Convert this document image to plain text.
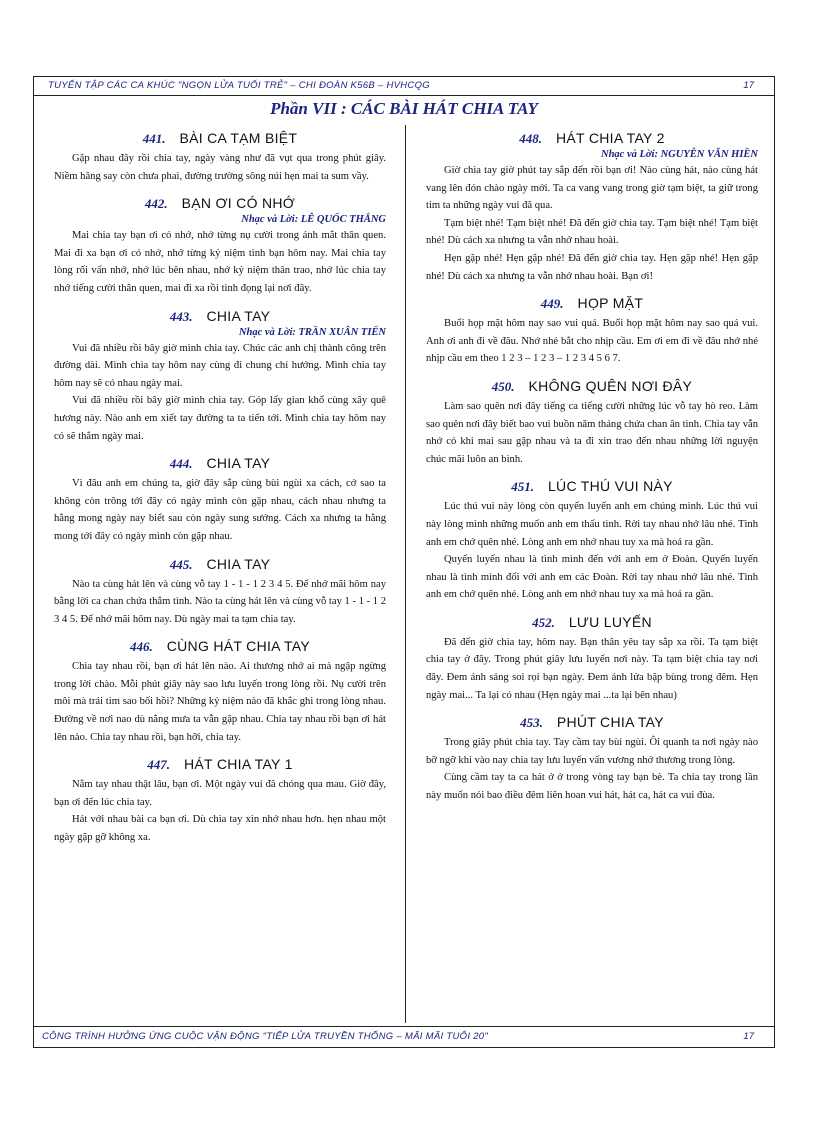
TUYỂN TẬP CÁC CA KHÚC "NGỌN LỬA TUỔI TRẺ" – CHI ĐOÀN K56B – HVHCQG	17
Phần VII : CÁC BÀI HÁT CHIA TAY
441. BÀI CA TẠM BIỆT

Gặp nhau đây rồi chia tay, ngày vàng như đã vụt qua trong phút giây. Niềm hăng say còn chưa phai, đường trường sông núi hẹn mai ta sum vầy.

442. BẠN ƠI CÓ NHỚ
Nhạc và Lời: LÊ QUỐC THẮNG

Mai chia tay bạn ơi có nhớ, nhớ từng nụ cười trong ánh mắt thân quen. Mai đi xa bạn ơi có nhớ, nhớ từng kỷ niệm tình bạn hôm nay. Mai chia tay lòng rối vấn nhớ, nhớ lúc bên nhau, nhớ kỷ niệm thân trao, nhớ lúc chia tay nhớ tiếng cười thân quen, mai đi xa rồi tình đọng lại nơi đây.

443. CHIA TAY
Nhạc và Lời: TRẦN XUÂN TIẾN

Vui đã nhiều rồi bây giờ mình chia tay. Chúc các anh chị thành công trên đường dài. Mình chia tay hôm nay cùng đi chung chí hướng. Mình chia tay hôm nay sẽ có nhau ngày mai.

Vui đã nhiều rồi bây giờ mình chia tay. Góp lấy gian khổ cùng xây quê hương này. Nào anh em xiết tay đường ta ta tiến tới. Mình chia tay hôm nay có sẽ thắm ngày mai.

444. CHIA TAY

Vì đâu anh em chúng ta, giờ đây sắp cùng bùi ngùi xa cách, cớ sao ta không còn trông tới đây có ngày mình còn gặp nhau, cách nhau nhưng ta hằng mong ngày nay biết sau còn ngày sung sướng. Cách xa nhưng ta hằng mong tới đây có ngày mình còn gặp nhau.

445. CHIA TAY

Nào ta cùng hát lên và cùng vỗ tay 1 - 1 - 1 2 3 4 5. Để nhớ mãi hôm nay bằng lời ca chan chứa thắm tình. Nào ta cùng hát lên và cùng vỗ tay 1 - 1 - 1 2 3 4 5. Để nhớ mãi hôm nay. Dù ngày mai ta tạm chia tay.

446. CÙNG HÁT CHIA TAY

Chia tay nhau rồi, bạn ơi hát lên nào. Ai thương nhớ ai mà ngập ngừng trong lời chào. Mỗi phút giây này sao lưu luyến trong lòng rồi. Nụ cười trên môi mà trái tim sao bối hồi? Những kỷ niệm nào đã khắc ghi trong lòng nhau. Đường về nơi nao dù nắng mưa ta vẫn gặp nhau. Chia tay nhau rồi bạn ơi hát lên nào. Chia tay nhau rồi, bạn hỡi, chia tay.

447. HÁT CHIA TAY 1

Nắm tay nhau thật lâu, bạn ơi. Một ngày vui đã chóng qua mau. Giờ đây, bạn ơi đến lúc chia tay.

Hát với nhau bài ca bạn ơi. Dù chia tay xin nhớ nhau hơn. hẹn nhau một ngày gặp gỡ không xa.

448. HÁT CHIA TAY 2
Nhạc và Lời: NGUYỄN VĂN HIỀN

Giờ chia tay giờ phút tay sắp đến rồi bạn ơi! Nào cùng hát, nào cùng hát vang lên đón chào ngày mới. Ta ca vang vang trong giờ tạm biệt, ta giữ trong tim ta những ngày vui đã qua.

Tạm biệt nhé! Tạm biệt nhé! Đã đến giờ chia tay. Tạm biệt nhé! Tạm biệt nhé! Dù cách xa nhưng ta vẫn nhớ nhau hoài.

Hẹn gặp nhé! Hẹn gặp nhé! Đã đến giờ chia tay. Hẹn gặp nhé! Hẹn gặp nhé! Dù cách xa nhưng ta vẫn nhớ nhau hoài. Bạn ơi!

449. HỌP MẶT

Buổi họp mặt hôm nay sao vui quá. Buổi họp mặt hôm nay sao quá vui. Anh ơi anh đi về đâu. Nhớ nhé bắt cho nhịp cầu. Em ơi em đi về đâu nhớ nhé nhịp cầu em theo 1 2 3 – 1 2 3 – 1 2 3 4 5 6 7.

450. KHÔNG QUÊN NƠI ĐÂY

Làm sao quên nơi đây tiếng ca tiếng cười những lúc vỗ tay hò reo. Làm sao quên nơi đây biết bao vui buồn năm tháng chứa chan ân tình. Chia tay vẫn nhớ có khi mai sau gặp nhau và ta đi xin trao đến nhau những lời nguyện chúc mãi luôn an bình.

451. LÚC THÚ VUI NÀY

Lúc thú vui này lòng còn quyến luyến anh em chúng mình. Lúc thú vui này lòng mình những muốn anh em thấu tình. Rời tay nhau nhớ lâu nhé. Tình anh em chớ quên nhé. Lòng anh em nhớ nhau tuy xa mà hoá ra gần.

Quyến luyến nhau là tình mình đến với anh em ở Đoàn. Quyến luyến nhau là tình mình đối với anh em các Đoàn. Rời tay nhau nhớ lâu nhé. Tình anh em chớ quên nhé. Lòng anh em nhớ nhau tuy xa mà hoá ra gần.

452. LƯU LUYẾN

Đã đến giờ chia tay, hôm nay. Bạn thân yêu tay sắp xa rồi. Ta tạm biệt chia tay ở đây. Trong phút giây lưu luyến nơi này. Ta tạm biệt chia tay nơi đây. Đem ánh sáng soi rọi bạn ngày. Đem ánh lửa bập bùng trong đêm. Hẹn ngày mai... Ta lại có nhau (Hẹn ngày mai ...ta lại bên nhau)

453. PHÚT CHIA TAY

Trong giây phút chia tay. Tay cầm tay bùi ngùi. Ôi quanh ta nơi ngày nào bỡ ngỡ khi vào nay chia tay lưu luyến vấn vương nhớ thương trong lòng.

Cùng cầm tay ta ca hát ở ở trong vòng tay bạn bè. Ta chia tay trong lần này muốn nói bao điều đêm liên hoan vui hát, hát ca, hát ca vui đùa.

CÔNG TRÌNH HƯỞNG ỨNG CUỘC VẬN ĐỘNG "TIẾP LỬA TRUYỀN THỐNG – MÃI MÃI TUỔI 20"	17
